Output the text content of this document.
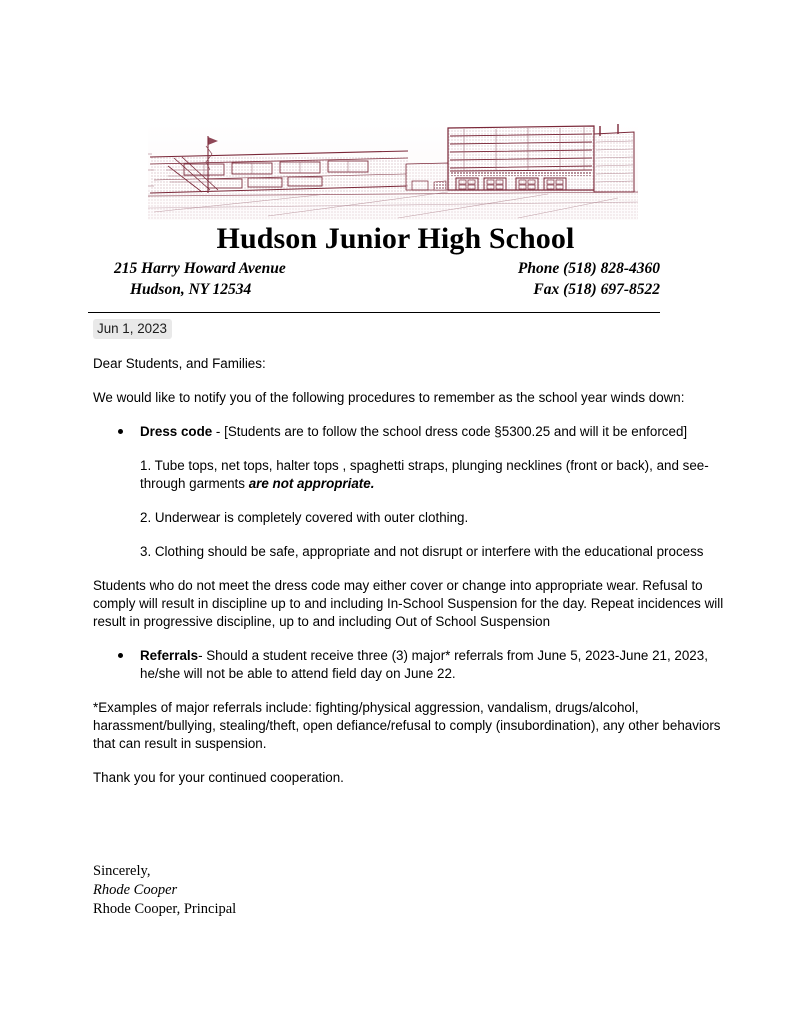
Hudson Junior High School
215 Harry Howard Avenue	Phone (518) 828-4360
Hudson, NY 12534	Fax (518) 697-8522
Jun 1, 2023

Dear Students, and Families:

We would like to notify you of the following procedures to remember as the school year winds down:

Dress code - [Students are to follow the school dress code §5300.25 and will it be enforced]
1. Tube tops, net tops, halter tops , spaghetti straps, plunging necklines (front or back), and see-through garments are not appropriate.
2. Underwear is completely covered with outer clothing.
3. Clothing should be safe, appropriate and not disrupt or interfere with the educational process

Students who do not meet the dress code may either cover or change into appropriate wear. Refusal to comply will result in discipline up to and including In-School Suspension for the day. Repeat incidences will result in progressive discipline, up to and including Out of School Suspension

Referrals- Should a student receive three (3) major* referrals from June 5, 2023-June 21, 2023, he/she will not be able to attend field day on June 22.

*Examples of major referrals include: fighting/physical aggression, vandalism, drugs/alcohol, harassment/bullying, stealing/theft, open defiance/refusal to comply (insubordination), any other behaviors that can result in suspension.

Thank you for your continued cooperation.

Sincerely,
Rhode Cooper
Rhode Cooper, Principal
